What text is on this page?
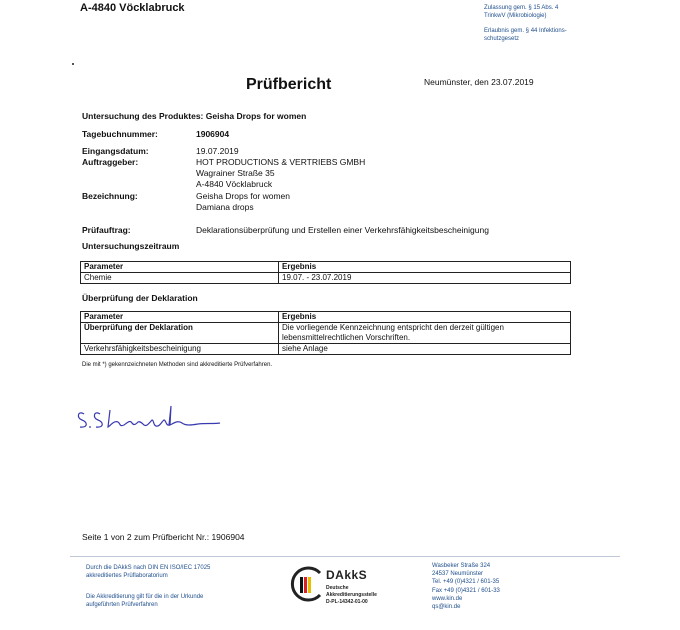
A-4840 Vöcklabruck	Zulassung gem. § 15 Abs. 4
TrinkwV (Mikrobiologie)
Erlaubnis gem. § 44 Infektions-
schutzgesetz
Prüfbericht	Neumünster, den 23.07.2019
Untersuchung des Produktes: Geisha Drops for women
Tagebuchnummer:	1906904
Eingangsdatum:	19.07.2019
Auftraggeber:	HOT PRODUCTIONS & VERTRIEBS GMBH
Wagrainer Straße 35
A-4840 Vöcklabruck
Bezeichnung:	Geisha Drops for women
Damiana drops
Prüfauftrag:	Deklarationsüberprüfung und Erstellen einer Verkehrsfähigkeitsbescheinigung
Untersuchungszeitraum
Parameter	Ergebnis
Chemie	19.07. - 23.07.2019
Überprüfung der Deklaration
Parameter	Ergebnis
Überprüfung der Deklaration	Die vorliegende Kennzeichnung entspricht den derzeit gültigen
lebensmittelrechtlichen Vorschriften.

Verkehrsfähigkeitsbescheinigung	siehe Anlage
Die mit *) gekennzeichneten Methoden sind akkreditierte Prüfverfahren.
Seite 1 von 2 zum Prüfbericht Nr.: 1906904
Durch die DAkkS nach DIN EN ISO/IEC 17025
akkreditiertes Prüflaboratorium
Die Akkreditierung gilt für die in der Urkunde
aufgeführten Prüfverfahren
DAkkS
Deutsche
Akkreditierungsstelle
D-PL-14342-01-00
Wasbeker Straße 324
24537 Neumünster
Tel. +49 (0)4321 / 601-35
Fax +49 (0)4321 / 601-33
www.kin.de
qs@kin.de
